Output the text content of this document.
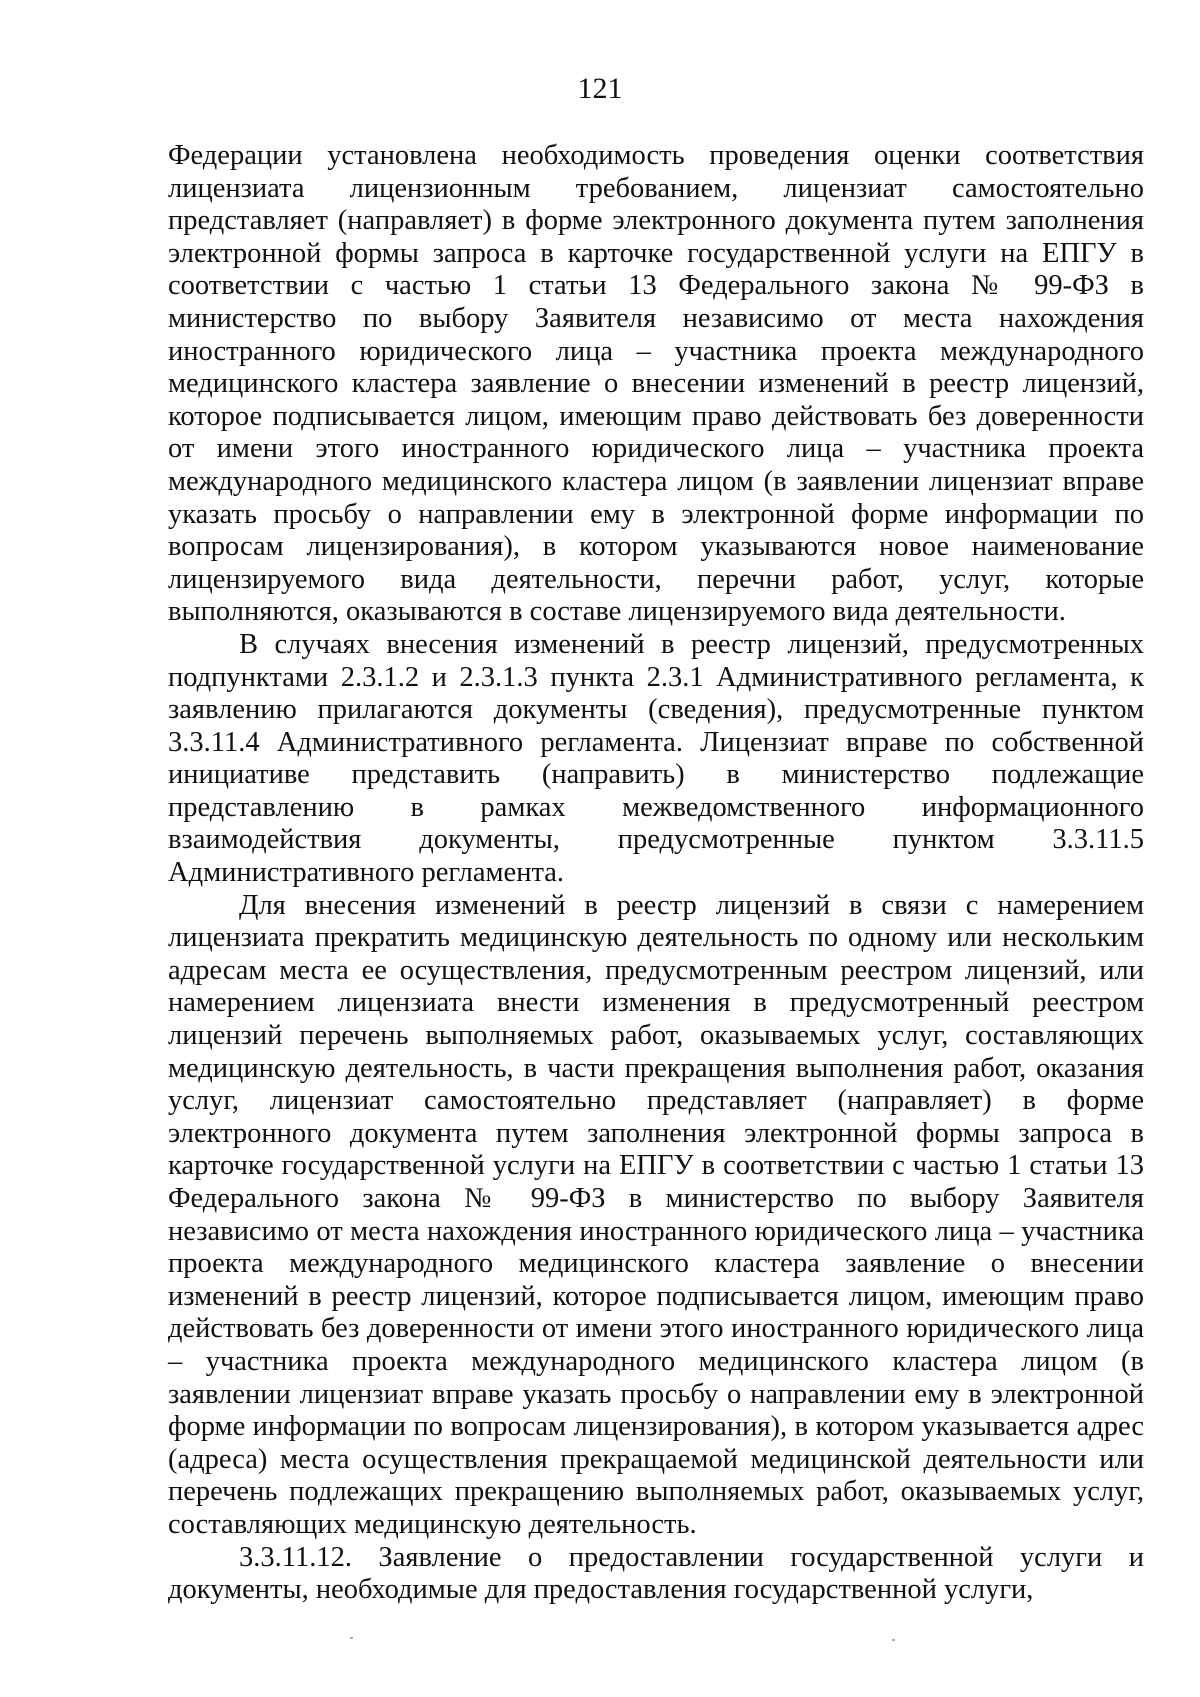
121

Федерации установлена необходимость проведения оценки соответствия лицензиата лицензионным требованием, лицензиат самостоятельно представляет (направляет) в форме электронного документа путем заполнения электронной формы запроса в карточке государственной услуги на ЕПГУ в соответствии с частью 1 статьи 13 Федерального закона № 99-ФЗ в министерство по выбору Заявителя независимо от места нахождения иностранного юридического лица – участника проекта международного медицинского кластера заявление о внесении изменений в реестр лицензий, которое подписывается лицом, имеющим право действовать без доверенности от имени этого иностранного юридического лица – участника проекта международного медицинского кластера лицом (в заявлении лицензиат вправе указать просьбу о направлении ему в электронной форме информации по вопросам лицензирования), в котором указываются новое наименование лицензируемого вида деятельности, перечни работ, услуг, которые выполняются, оказываются в составе лицензируемого вида деятельности.

В случаях внесения изменений в реестр лицензий, предусмотренных подпунктами 2.3.1.2 и 2.3.1.3 пункта 2.3.1 Административного регламента, к заявлению прилагаются документы (сведения), предусмотренные пунктом 3.3.11.4 Административного регламента. Лицензиат вправе по собственной инициативе представить (направить) в министерство подлежащие представлению в рамках межведомственного информационного взаимодействия документы, предусмотренные пунктом 3.3.11.5 Административного регламента.

Для внесения изменений в реестр лицензий в связи с намерением лицензиата прекратить медицинскую деятельность по одному или нескольким адресам места ее осуществления, предусмотренным реестром лицензий, или намерением лицензиата внести изменения в предусмотренный реестром лицензий перечень выполняемых работ, оказываемых услуг, составляющих медицинскую деятельность, в части прекращения выполнения работ, оказания услуг, лицензиат самостоятельно представляет (направляет) в форме электронного документа путем заполнения электронной формы запроса в карточке государственной услуги на ЕПГУ в соответствии с частью 1 статьи 13 Федерального закона № 99-ФЗ в министерство по выбору Заявителя независимо от места нахождения иностранного юридического лица – участника проекта международного медицинского кластера заявление о внесении изменений в реестр лицензий, которое подписывается лицом, имеющим право действовать без доверенности от имени этого иностранного юридического лица – участника проекта международного медицинского кластера лицом (в заявлении лицензиат вправе указать просьбу о направлении ему в электронной форме информации по вопросам лицензирования), в котором указывается адрес (адреса) места осуществления прекращаемой медицинской деятельности или перечень подлежащих прекращению выполняемых работ, оказываемых услуг, составляющих медицинскую деятельность.

3.3.11.12. Заявление о предоставлении государственной услуги и документы, необходимые для предоставления государственной услуги,
